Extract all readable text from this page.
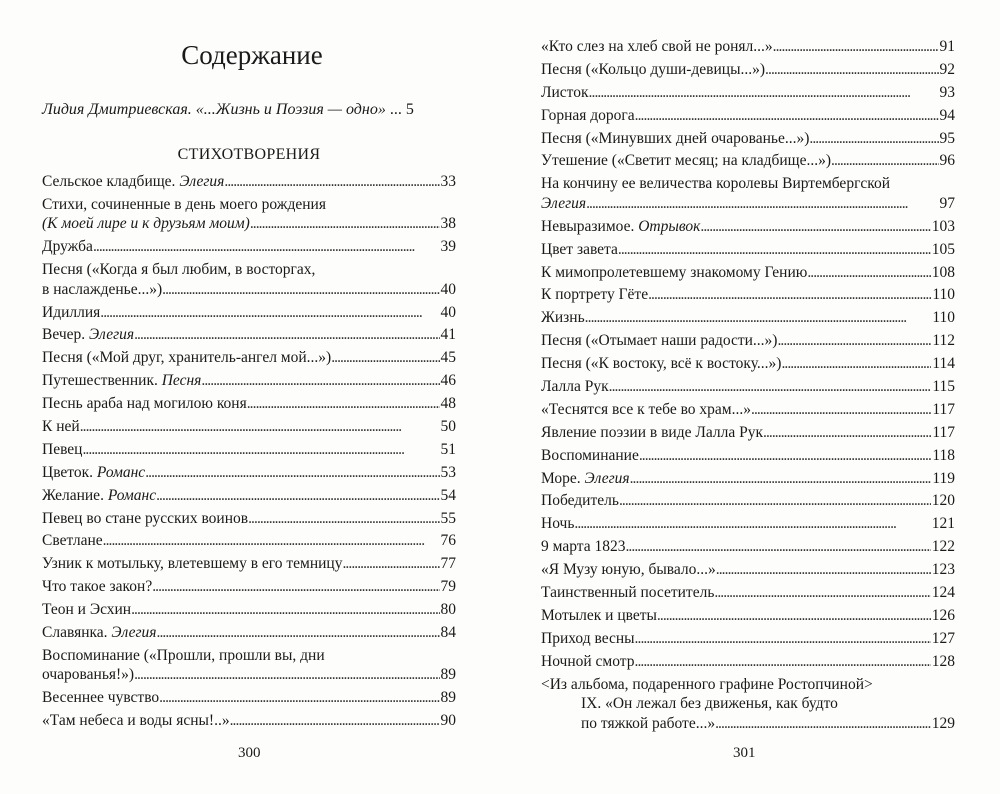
Содержание
Лидия Дмитриевская. «...Жизнь и Поэзия — одно» ... 5
СТИХОТВОРЕНИЯ
Сельское кладбище. Элегия . . .	33
Стихи, сочиненные в день моего рождения
(К моей лире и к друзьям моим) . . .	38
Дружба . . .	39
Песня («Когда я был любим, в восторгах,
в наслажденье...») . . .	40
Идиллия . . .	40
Вечер. Элегия . . .	41
Песня («Мой друг, хранитель-ангел мой...») . . .	45
Путешественник. Песня . . .	46
Песнь араба над могилою коня . . .	48
К ней . . .	50
Певец . . .	51
Цветок. Романс . . .	53
Желание. Романс . . .	54
Певец во стане русских воинов . . .	55
Светлане . . .	76
Узник к мотыльку, влетевшему в его темницу . . .	77
Что такое закон? . . .	79
Теон и Эсхин . . .	80
Славянка. Элегия . . .	84
Воспоминание («Прошли, прошли вы, дни
очарованья!») . . .	89
Весеннее чувство . . .	89
«Там небеса и воды ясны!..» . . .	90
300
«Кто слез на хлеб свой не ронял...» . . .	91
Песня («Кольцо души-девицы...») . . .	92
Листок . . .	93
Горная дорога . . .	94
Песня («Минувших дней очарованье...») . . .	95
Утешение («Светит месяц; на кладбище...») . . .	96
На кончину ее величества королевы Виртембергской
Элегия . . .	97
Невыразимое. Отрывок . . .	103
Цвет завета . . .	105
К мимопролетевшему знакомому Гению . . .	108
К портрету Гёте . . .	110
Жизнь . . .	110
Песня («Отымает наши радости...») . . .	112
Песня («К востоку, всё к востоку...») . . .	114
Лалла Рук . . .	115
«Теснятся все к тебе во храм...» . . .	117
Явление поэзии в виде Лалла Рук . . .	117
Воспоминание . . .	118
Море. Элегия . . .	119
Победитель . . .	120
Ночь . . .	121
9 марта 1823 . . .	122
«Я Музу юную, бывало...» . . .	123
Таинственный посетитель . . .	124
Мотылек и цветы . . .	126
Приход весны . . .	127
Ночной смотр . . .	128
<Из альбома, подаренного графине Ростопчиной>
IX. «Он лежал без движенья, как будто
по тяжкой работе...» . . .	129
301
